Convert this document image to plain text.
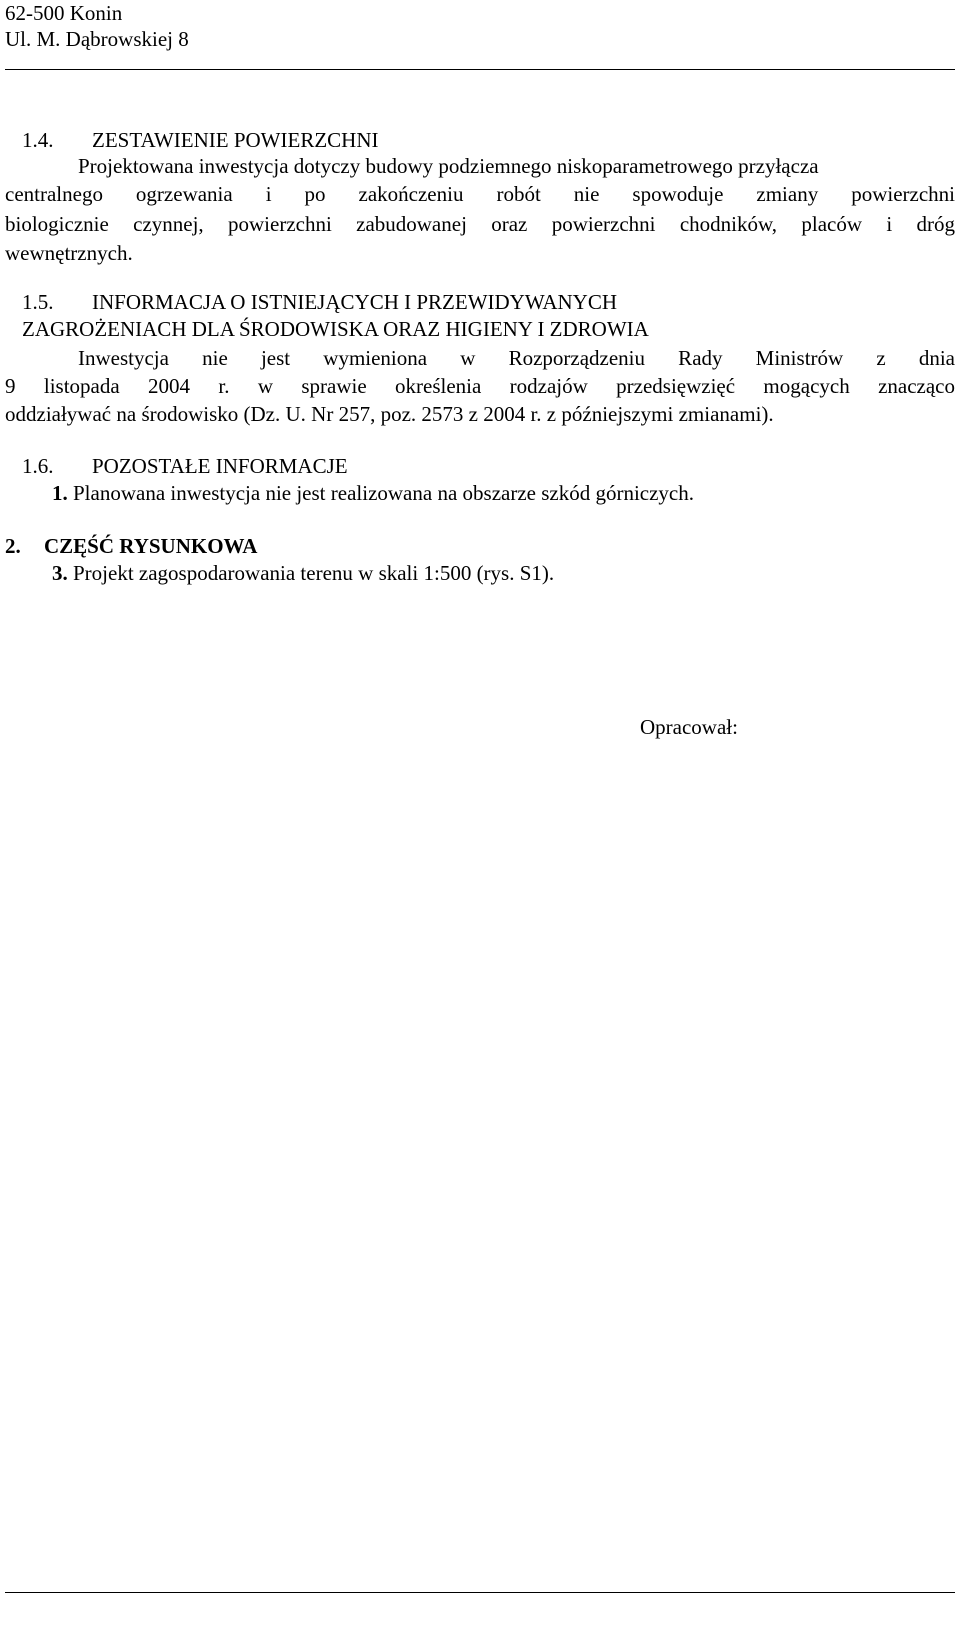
62-500 Konin
Ul. M. Dąbrowskiej 8
1.4. ZESTAWIENIE POWIERZCHNI
Projektowana inwestycja dotyczy budowy podziemnego niskoparametrowego przyłącza
centralnego ogrzewania i po zakończeniu robót nie spowoduje zmiany powierzchni
biologicznie czynnej, powierzchni zabudowanej oraz powierzchni chodników, placów i dróg
wewnętrznych.
1.5. INFORMACJA O ISTNIEJĄCYCH I PRZEWIDYWANYCH
ZAGROŻENIACH DLA ŚRODOWISKA ORAZ HIGIENY I ZDROWIA
Inwestycja nie jest wymieniona w Rozporządzeniu Rady Ministrów z dnia
9 listopada 2004 r. w sprawie określenia rodzajów przedsięwzięć mogących znacząco
oddziaływać na środowisko (Dz. U. Nr 257, poz. 2573 z 2004 r. z późniejszymi zmianami).
1.6. POZOSTAŁE INFORMACJE
1. Planowana inwestycja nie jest realizowana na obszarze szkód górniczych.
2. CZĘŚĆ RYSUNKOWA
3. Projekt zagospodarowania terenu w skali 1:500 (rys. S1).
Opracował:
